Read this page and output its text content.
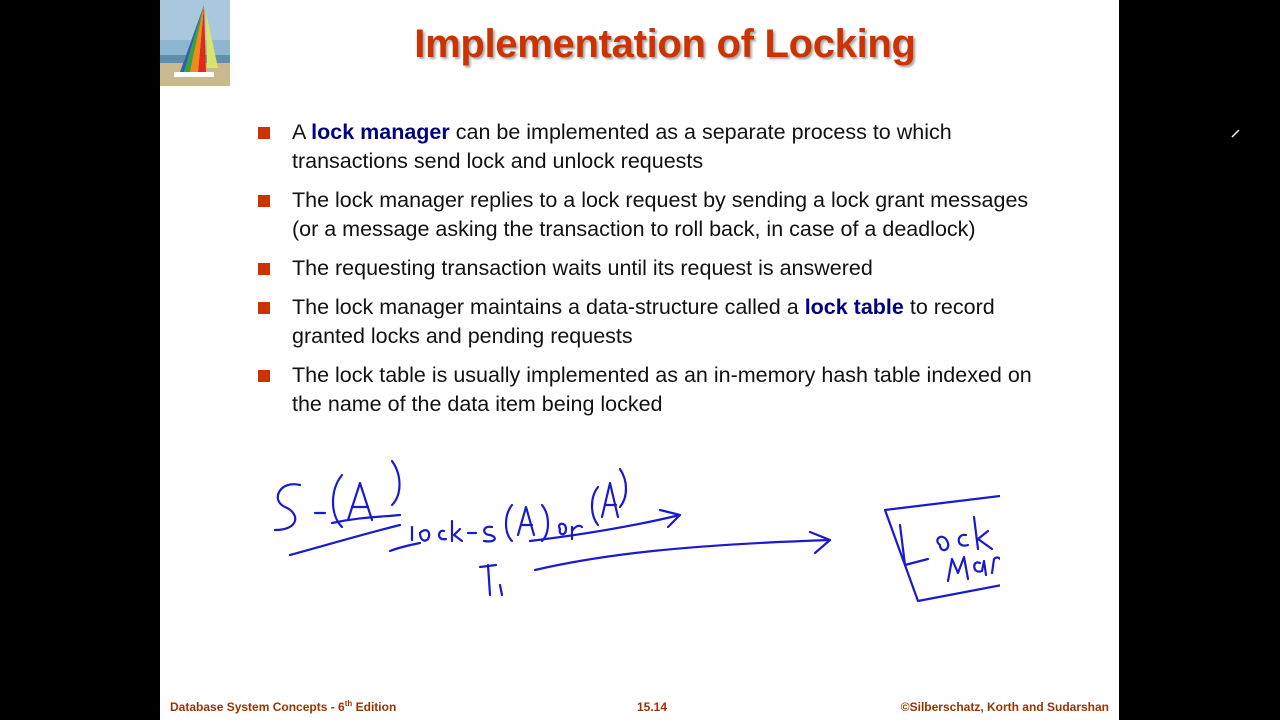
Implementation of Locking
A lock manager can be implemented as a separate process to which transactions send lock and unlock requests
The lock manager replies to a lock request by sending a lock grant messages (or a message asking the transaction to roll back, in case of a deadlock)
The requesting transaction waits until its request is answered
The lock manager maintains a data-structure called a lock table to record granted locks and pending requests
The lock table is usually implemented as an in-memory hash table indexed on the name of the data item being locked
Database System Concepts - 6th Edition	15.14	©Silberschatz, Korth and Sudarshan
